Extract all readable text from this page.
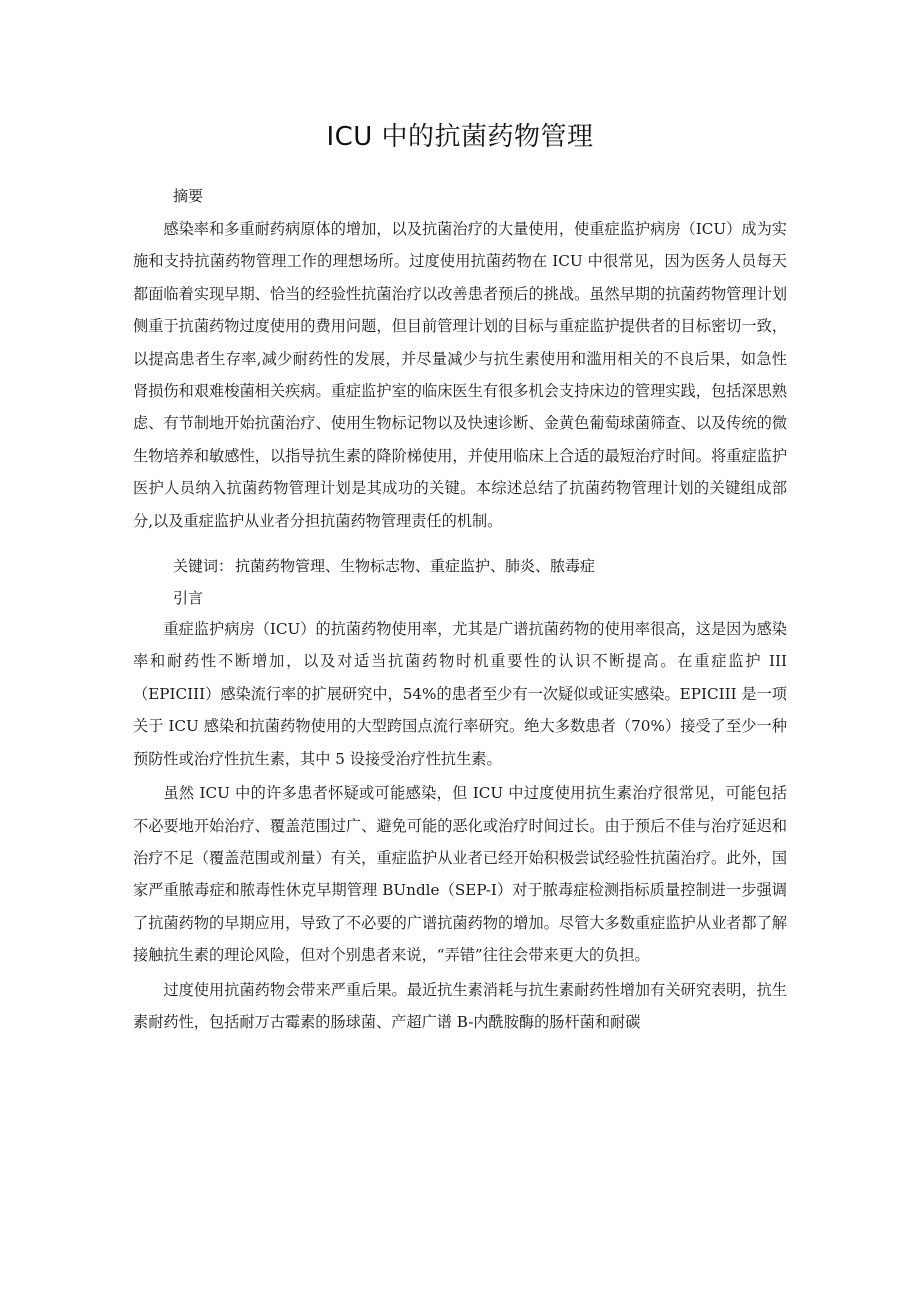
ICU 中的抗菌药物管理
摘要

感染率和多重耐药病原体的增加，以及抗菌治疗的大量使用，使重症监护病房（ICU）成为实施和支持抗菌药物管理工作的理想场所。过度使用抗菌药物在 ICU 中很常见，因为医务人员每天都面临着实现早期、恰当的经验性抗菌治疗以改善患者预后的挑战。虽然早期的抗菌药物管理计划侧重于抗菌药物过度使用的费用问题，但目前管理计划的目标与重症监护提供者的目标密切一致，以提高患者生存率,减少耐药性的发展，并尽量减少与抗生素使用和滥用相关的不良后果，如急性肾损伤和艰难梭菌相关疾病。重症监护室的临床医生有很多机会支持床边的管理实践，包括深思熟虑、有节制地开始抗菌治疗、使用生物标记物以及快速诊断、金黄色葡萄球菌筛查、以及传统的微生物培养和敏感性，以指导抗生素的降阶梯使用，并使用临床上合适的最短治疗时间。将重症监护医护人员纳入抗菌药物管理计划是其成功的关键。本综述总结了抗菌药物管理计划的关键组成部分,以及重症监护从业者分担抗菌药物管理责任的机制。

关键词： 抗菌药物管理、生物标志物、重症监护、肺炎、脓毒症
引言

重症监护病房（ICU）的抗菌药物使用率，尤其是广谱抗菌药物的使用率很高，这是因为感染率和耐药性不断增加，以及对适当抗菌药物时机重要性的认识不断提高。在重症监护 III（EPICIII）感染流行率的扩展研究中，54%的患者至少有一次疑似或证实感染。EPICIII 是一项关于 ICU 感染和抗菌药物使用的大型跨国点流行率研究。绝大多数患者（70%）接受了至少一种预防性或治疗性抗生素，其中 5 设接受治疗性抗生素。

虽然 ICU 中的许多患者怀疑或可能感染，但 ICU 中过度使用抗生素治疗很常见，可能包括不必要地开始治疗、覆盖范围过广、避免可能的恶化或治疗时间过长。由于预后不佳与治疗延迟和治疗不足（覆盖范围或剂量）有关，重症监护从业者已经开始积极尝试经验性抗菌治疗。此外，国家严重脓毒症和脓毒性休克早期管理 BUndle（SEP-I）对于脓毒症检测指标质量控制进一步强调了抗菌药物的早期应用，导致了不必要的广谱抗菌药物的增加。尽管大多数重症监护从业者都了解接触抗生素的理论风险，但对个别患者来说，“弄错”往往会带来更大的负担。

过度使用抗菌药物会带来严重后果。最近抗生素消耗与抗生素耐药性增加有关研究表明，抗生素耐药性，包括耐万古霉素的肠球菌、产超广谱 B-内酰胺酶的肠杆菌和耐碳
